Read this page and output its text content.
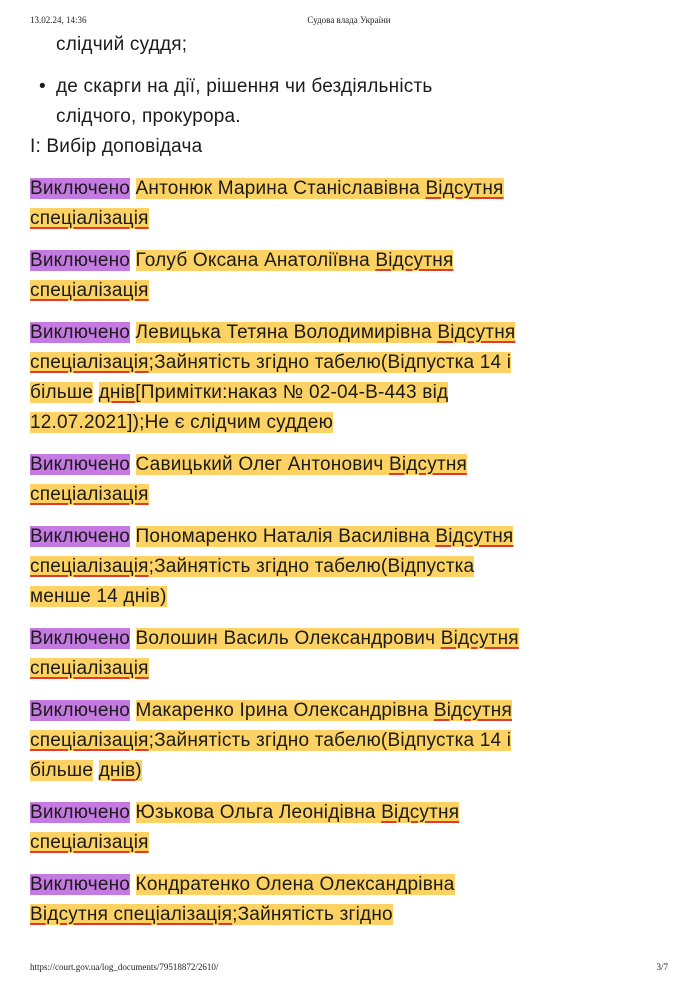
13.02.24, 14:36	Судова влада України
слідчий суддя;
• де скарги на дії, рішення чи бездіяльність
слідчого, прокурора.
І: Вибір доповідача
Виключено Антонюк Марина Станіславівна Відсутня
спеціалізація
Виключено Голуб Оксана Анатоліївна Відсутня
спеціалізація
Виключено Левицька Тетяна Володимирівна Відсутня
спеціалізація;Зайнятість згідно табелю(Відпустка 14 і
більше днів[Примітки:наказ № 02-04-В-443 від
12.07.2021]);Не є слідчим суддею
Виключено Савицький Олег Антонович Відсутня
спеціалізація
Виключено Пономаренко Наталія Василівна Відсутня
спеціалізація;Зайнятість згідно табелю(Відпустка
менше 14 днів)
Виключено Волошин Василь Олександрович Відсутня
спеціалізація
Виключено Макаренко Ірина Олександрівна Відсутня
спеціалізація;Зайнятість згідно табелю(Відпустка 14 і
більше днів)
Виключено Юзькова Ольга Леонідівна Відсутня
спеціалізація
Виключено Кондратенко Олена Олександрівна
Відсутня спеціалізація;Зайнятість згідно
https://court.gov.ua/log_documents/79518872/2610/	3/7
